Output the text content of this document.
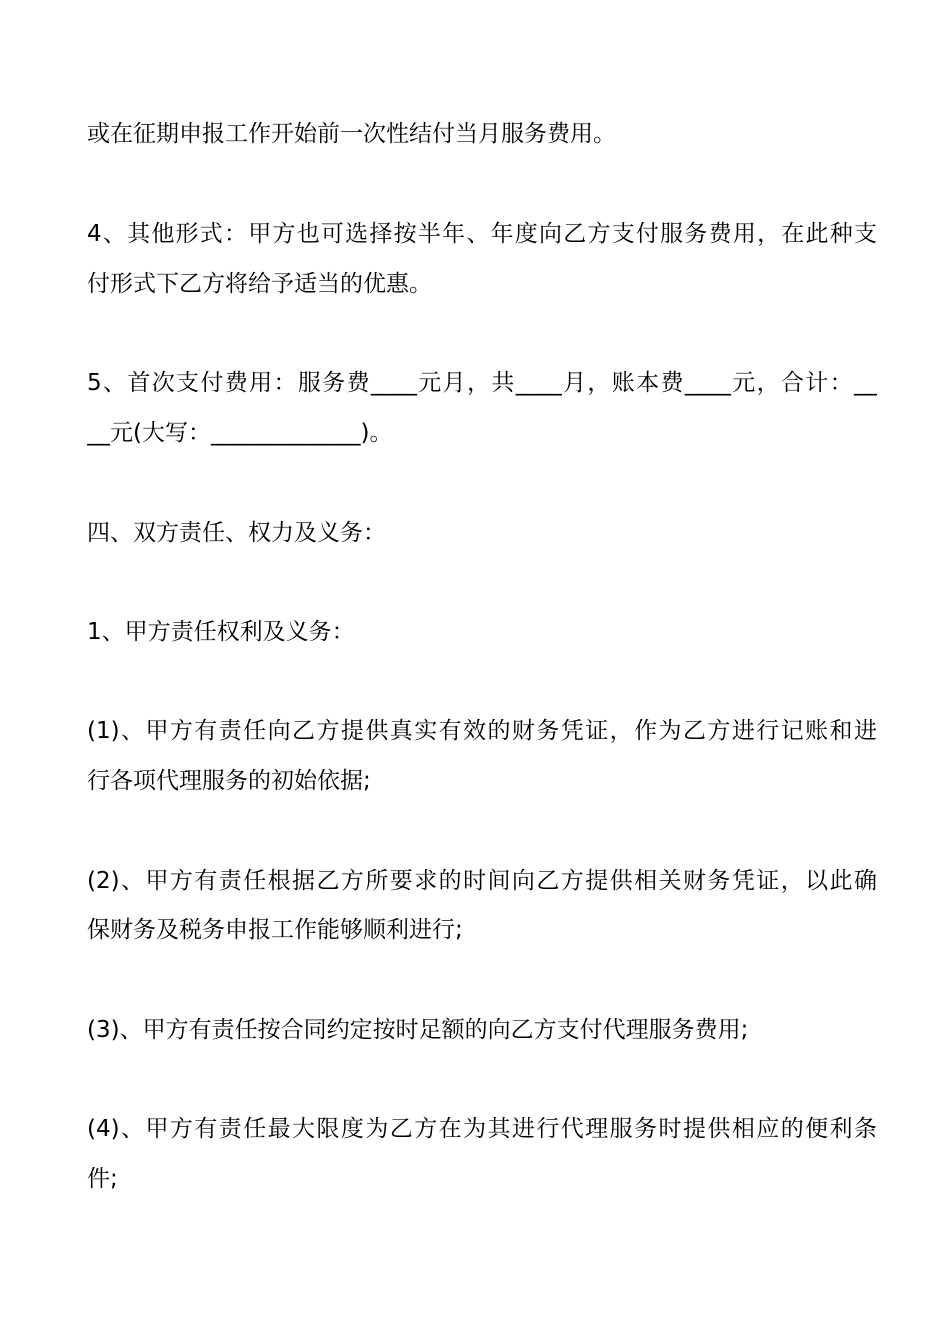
或在征期申报工作开始前一次性结付当月服务费用。
4、其他形式：甲方也可选择按半年、年度向乙方支付服务费用，在此种支
付形式下乙方将给予适当的优惠。
5、首次支付费用：服务费____元月，共____月，账本费____元，合计：__
__元(大写：_____________)。
四、双方责任、权力及义务：
1、甲方责任权利及义务：
(1)、甲方有责任向乙方提供真实有效的财务凭证，作为乙方进行记账和进
行各项代理服务的初始依据;
(2)、甲方有责任根据乙方所要求的时间向乙方提供相关财务凭证，以此确
保财务及税务申报工作能够顺利进行;
(3)、甲方有责任按合同约定按时足额的向乙方支付代理服务费用;
(4)、甲方有责任最大限度为乙方在为其进行代理服务时提供相应的便利条
件;
